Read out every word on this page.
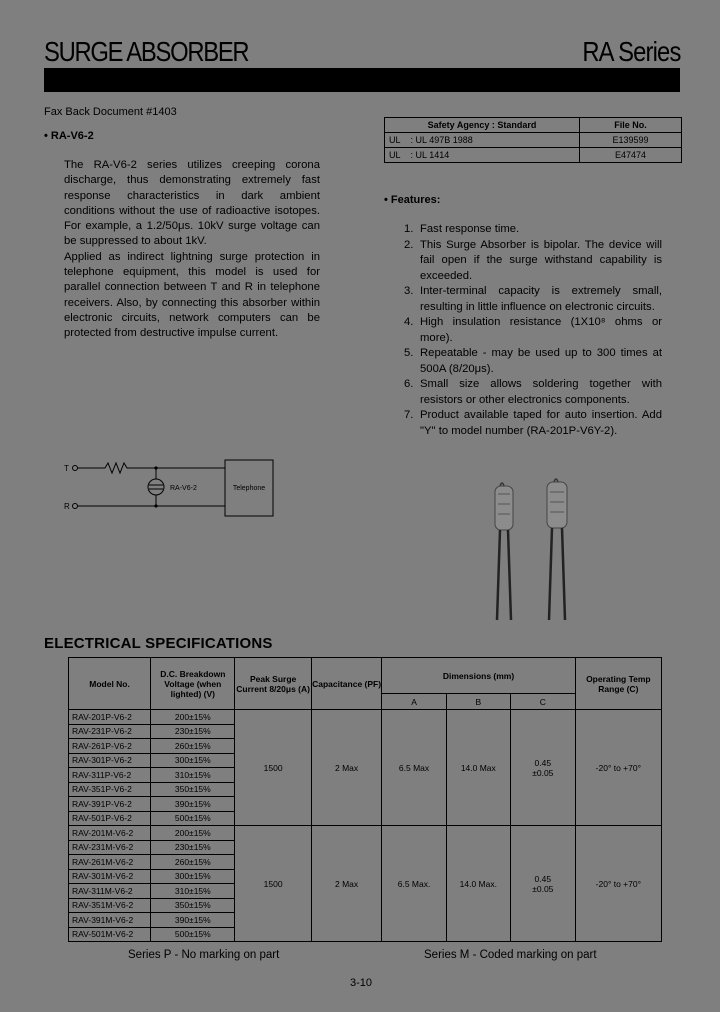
SURGE ABSORBER	RA Series
Fax Back Document #1403
• RA-V6-2

The RA-V6-2 series utilizes creeping corona discharge, thus demonstrating extremely fast response characteristics in dark ambient conditions without the use of radioactive isotopes. For example, a 1.2/50μs. 10kV surge voltage can be suppressed to about 1kV.

Applied as indirect lightning surge protection in telephone equipment, this model is used for parallel connection between T and R in telephone receivers. Also, by connecting this absorber within electronic circuits, network computers can be protected from destructive impulse current.

Safety Agency : Standard	File No.
UL : UL 497B 1988	E139599
UL : UL 1414	E47474
• Features:
1. Fast response time.
2. This Surge Absorber is bipolar. The device will fail open if the surge withstand capability is exceeded.
3. Inter-terminal capacity is extremely small, resulting in little influence on electronic circuits.
4. High insulation resistance (1X10⁸ ohms or more).
5. Repeatable - may be used up to 300 times at 500A (8/20μs).
6. Small size allows soldering together with resistors or other electronics components.
7. Product available taped for auto insertion. Add "Y" to model number (RA-201P-V6Y-2).
T
R
RA-V6-2	Telephone
ELECTRICAL SPECIFICATIONS
Model No.	D.C. Breakdown Voltage (when lighted) (V)	Peak Surge Current 8/20μs (A)	Capacitance (PF)	Dimensions (mm)			Operating Temp Range (C)
				A	B	C	
RAV-201P-V6-2	200±15%	1500	2 Max	6.5 Max	14.0 Max	0.45 ±0.05	-20° to +70°
RAV-231P-V6-2	230±15%						
RAV-261P-V6-2	260±15%						
RAV-301P-V6-2	300±15%						
RAV-311P-V6-2	310±15%						
RAV-351P-V6-2	350±15%						
RAV-391P-V6-2	390±15%						
RAV-501P-V6-2	500±15%						
RAV-201M-V6-2	200±15%	1500	2 Max	6.5 Max.	14.0 Max.	0.45 ±0.05	-20° to +70°
RAV-231M-V6-2	230±15%						
RAV-261M-V6-2	260±15%						
RAV-301M-V6-2	300±15%						
RAV-311M-V6-2	310±15%						
RAV-351M-V6-2	350±15%						
RAV-391M-V6-2	390±15%						
RAV-501M-V6-2	500±15%						
Series P - No marking on part	Series M - Coded marking on part
3-10
